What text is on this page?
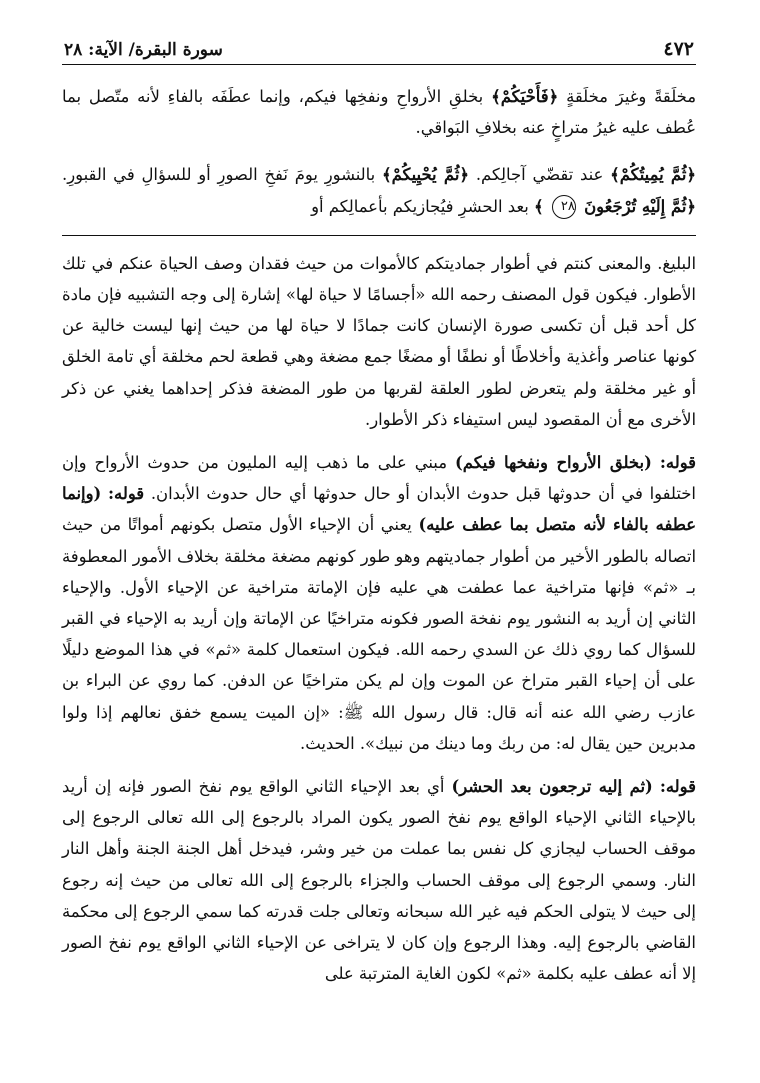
٤٧٢
سورة البقرة/ الآية: ٢٨
مخلَقةً وغيرَ مخلَقةٍ ﴿فَأَحْيَكُمْ﴾ بخلقِ الأرواحِ ونفخِها فيكم، وإنما عطَفَه بالفاءِ لأنه متّصل بما عُطف عليه غيرُ متراخٍ عنه بخلافِ البَواقي.
﴿ثُمَّ يُمِيتُكُمْ﴾ عند تقضّي آجالِكم. ﴿ثُمَّ يُحْيِيكُمْ﴾ بالنشورِ يومَ نَفخِ الصورِ أو للسؤالِ في القبورِ. ﴿ثُمَّ إِلَيْهِ تُرْجَعُونَ ٢٨ ﴾ بعد الحشرِ فيُجازيكم بأعمالِكم أو
البليغ. والمعنى كنتم في أطوار جماديتكم كالأموات من حيث فقدان وصف الحياة عنكم في تلك الأطوار. فيكون قول المصنف رحمه الله «أجسامًا لا حياة لها» إشارة إلى وجه التشبيه فإن مادة كل أحد قبل أن تكسى صورة الإنسان كانت جمادًا لا حياة لها من حيث إنها ليست خالية عن كونها عناصر وأغذية وأخلاطًا أو نطفًا أو مضغًا جمع مضغة وهي قطعة لحم مخلقة أي تامة الخلق أو غير مخلقة ولم يتعرض لطور العلقة لقربها من طور المضغة فذكر إحداهما يغني عن ذكر الأخرى مع أن المقصود ليس استيفاء ذكر الأطوار.
قوله: (بخلق الأرواح ونفخها فيكم) مبني على ما ذهب إليه المليون من حدوث الأرواح وإن اختلفوا في أن حدوثها قبل حدوث الأبدان أو حال حدوثها أي حال حدوث الأبدان. قوله: (وإنما عطفه بالفاء لأنه متصل بما عطف عليه) يعني أن الإحياء الأول متصل بكونهم أمواتًا من حيث اتصاله بالطور الأخير من أطوار جماديتهم وهو طور كونهم مضغة مخلقة بخلاف الأمور المعطوفة بـ «ثم» فإنها متراخية عما عطفت هي عليه فإن الإماتة متراخية عن الإحياء الأول. والإحياء الثاني إن أريد به النشور يوم نفخة الصور فكونه متراخيًا عن الإماتة وإن أريد به الإحياء في القبر للسؤال كما روي ذلك عن السدي رحمه الله. فيكون استعمال كلمة «ثم» في هذا الموضع دليلًا على أن إحياء القبر متراخ عن الموت وإن لم يكن متراخيًا عن الدفن. كما روي عن البراء بن عازب رضي الله عنه أنه قال: قال رسول الله ﷺ: «إن الميت يسمع خفق نعالهم إذا ولوا مدبرين حين يقال له: من ربك وما دينك من نبيك». الحديث.
قوله: (ثم إليه ترجعون بعد الحشر) أي بعد الإحياء الثاني الواقع يوم نفخ الصور فإنه إن أريد بالإحياء الثاني الإحياء الواقع يوم نفخ الصور يكون المراد بالرجوع إلى الله تعالى الرجوع إلى موقف الحساب ليجازي كل نفس بما عملت من خير وشر، فيدخل أهل الجنة الجنة وأهل النار النار. وسمي الرجوع إلى موقف الحساب والجزاء بالرجوع إلى الله تعالى من حيث إنه رجوع إلى حيث لا يتولى الحكم فيه غير الله سبحانه وتعالى جلت قدرته كما سمي الرجوع إلى محكمة القاضي بالرجوع إليه. وهذا الرجوع وإن كان لا يتراخى عن الإحياء الثاني الواقع يوم نفخ الصور إلا أنه عطف عليه بكلمة «ثم» لكون الغاية المترتبة على
